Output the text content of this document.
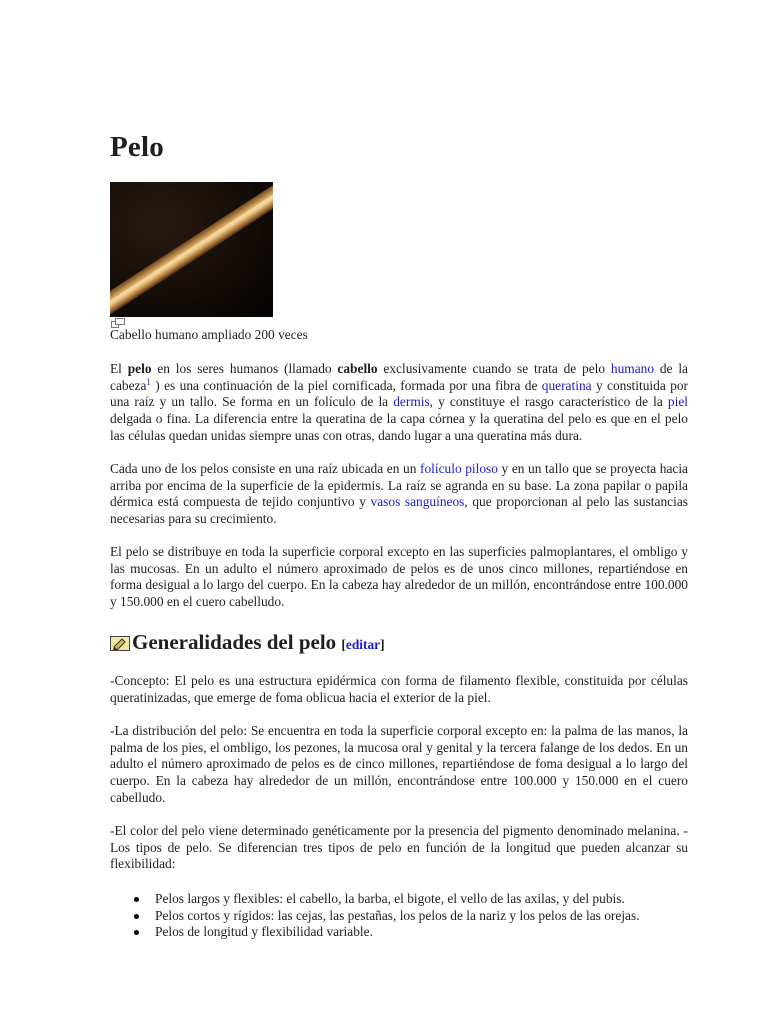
Pelo
Cabello humano ampliado 200 veces

El pelo en los seres humanos (llamado cabello exclusivamente cuando se trata de pelo humano de la cabeza$^1$ ) es una continuación de la piel cornificada, formada por una fibra de queratina y constituida por una raíz y un tallo. Se forma en un folículo de la dermis, y constituye el rasgo característico de la piel delgada o fina. La diferencia entre la queratina de la capa córnea y la queratina del pelo es que en el pelo las células quedan unidas siempre unas con otras, dando lugar a una queratina más dura.

Cada uno de los pelos consiste en una raíz ubicada en un folículo piloso y en un tallo que se proyecta hacia arriba por encima de la superficie de la epidermis. La raíz se agranda en su base. La zona papilar o papila dérmica está compuesta de tejido conjuntivo y vasos sanguíneos, que proporcionan al pelo las sustancias necesarias para su crecimiento.

El pelo se distribuye en toda la superficie corporal excepto en las superficies palmoplantares, el ombligo y las mucosas. En un adulto el número aproximado de pelos es de unos cinco millones, repartiéndose en forma desigual a lo largo del cuerpo. En la cabeza hay alrededor de un millón, encontrándose entre 100.000 y 150.000 en el cuero cabelludo.

Generalidades del pelo [editar]

-Concepto: El pelo es una estructura epidérmica con forma de filamento flexible, constituida por células queratinizadas, que emerge de foma oblicua hacia el exterior de la piel.

-La distribución del pelo: Se encuentra en toda la superficie corporal excepto en: la palma de las manos, la palma de los pies, el ombligo, los pezones, la mucosa oral y genital y la tercera falange de los dedos. En un adulto el número aproximado de pelos es de cinco millones, repartiéndose de foma desigual a lo largo del cuerpo. En la cabeza hay alrededor de un millón, encontrándose entre 100.000 y 150.000 en el cuero cabelludo.

-El color del pelo viene determinado genéticamente por la presencia del pigmento denominado melanina. -Los tipos de pelo. Se diferencian tres tipos de pelo en función de la longitud que pueden alcanzar su      flexibilidad:

Pelos largos y flexibles: el cabello, la barba, el bigote, el vello de las axilas, y del pubis.
Pelos cortos y rígidos: las cejas, las pestañas, los pelos de la nariz y los pelos de las orejas.
Pelos de longitud y flexibilidad variable.
